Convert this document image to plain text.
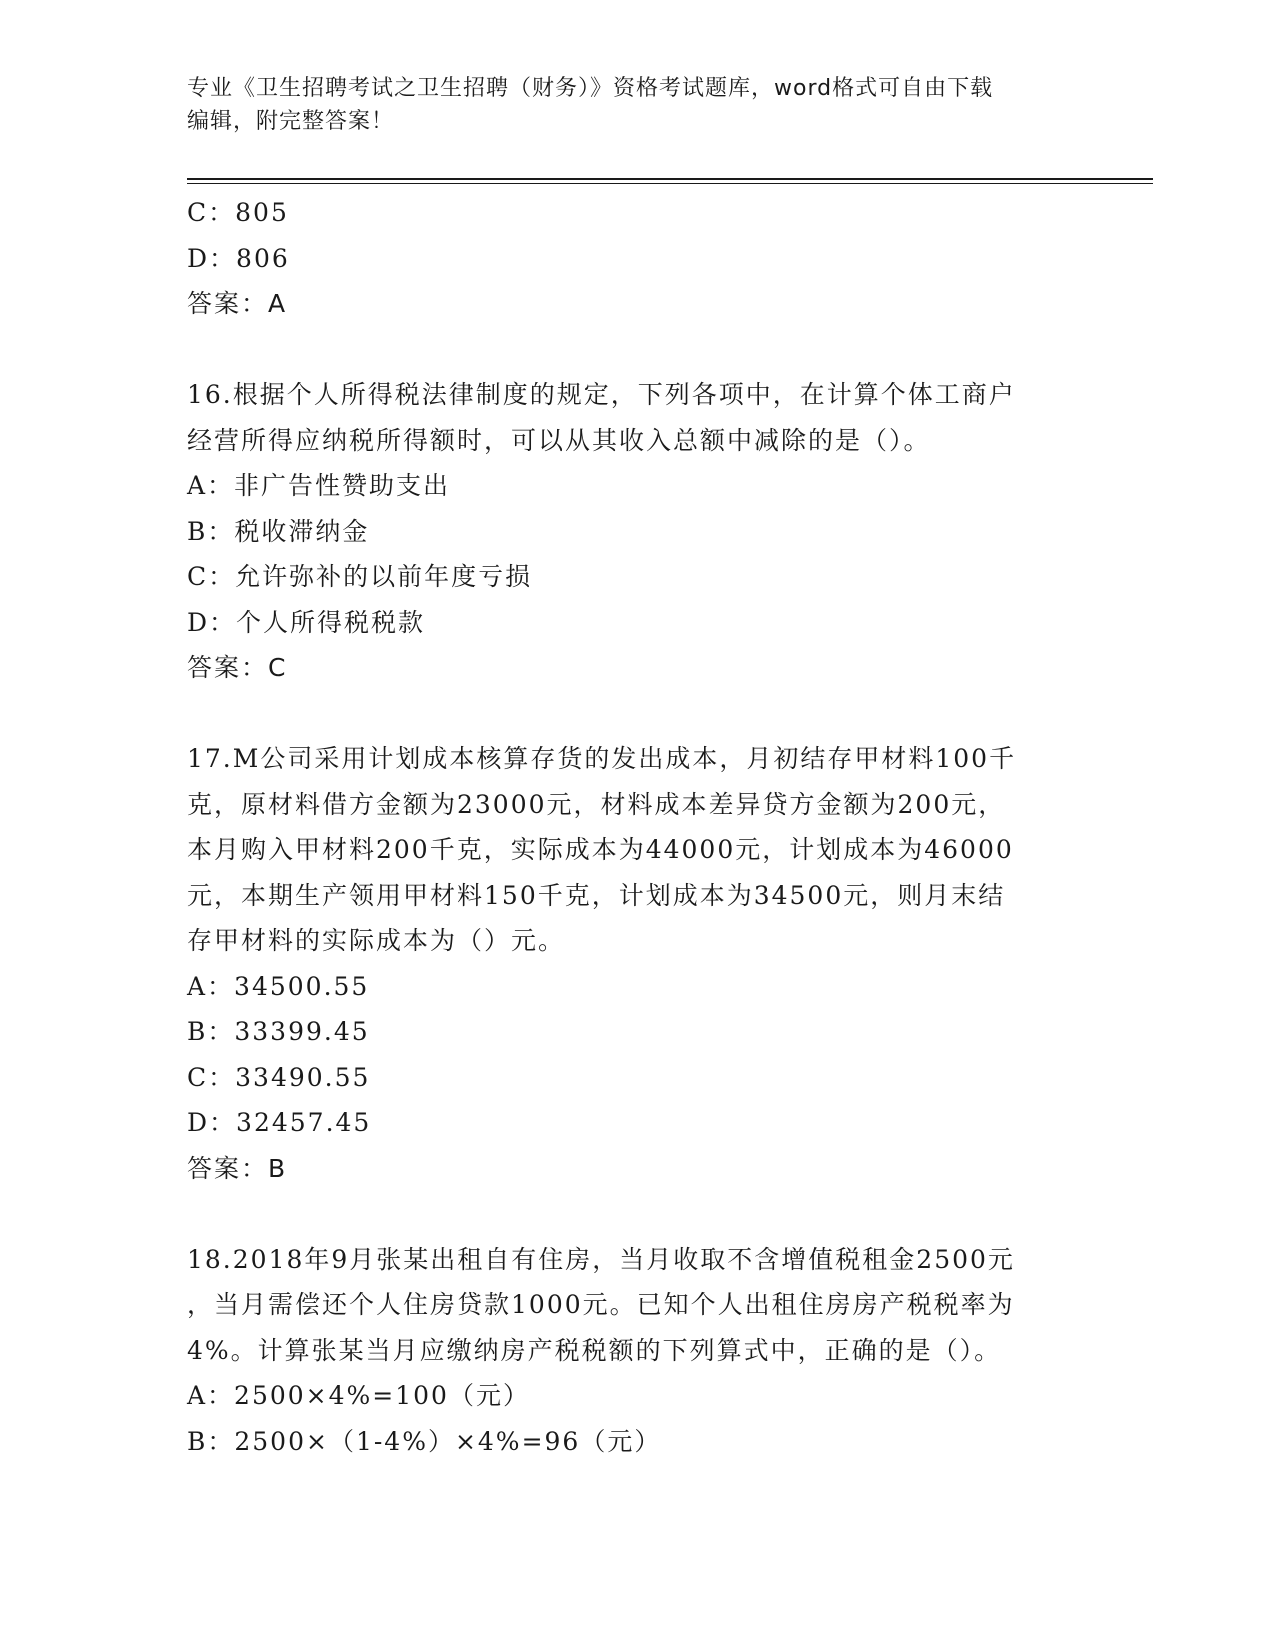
专业《卫生招聘考试之卫生招聘（财务）》资格考试题库，word格式可自由下载
编辑，附完整答案！
C：805
D：806
答案：A
16.根据个人所得税法律制度的规定，下列各项中，在计算个体工商户
经营所得应纳税所得额时，可以从其收入总额中减除的是（）。
A：非广告性赞助支出
B：税收滞纳金
C：允许弥补的以前年度亏损
D：个人所得税税款
答案：C
17.M公司采用计划成本核算存货的发出成本，月初结存甲材料100千
克，原材料借方金额为23000元，材料成本差异贷方金额为200元，
本月购入甲材料200千克，实际成本为44000元，计划成本为46000
元，本期生产领用甲材料150千克，计划成本为34500元，则月末结
存甲材料的实际成本为（）元。
A：34500.55
B：33399.45
C：33490.55
D：32457.45
答案：B
18.2018年9月张某出租自有住房，当月收取不含增值税租金2500元
，当月需偿还个人住房贷款1000元。已知个人出租住房房产税税率为
4%。计算张某当月应缴纳房产税税额的下列算式中，正确的是（）。
A：2500×4%=100（元）
B：2500×（1-4%）×4%=96（元）
